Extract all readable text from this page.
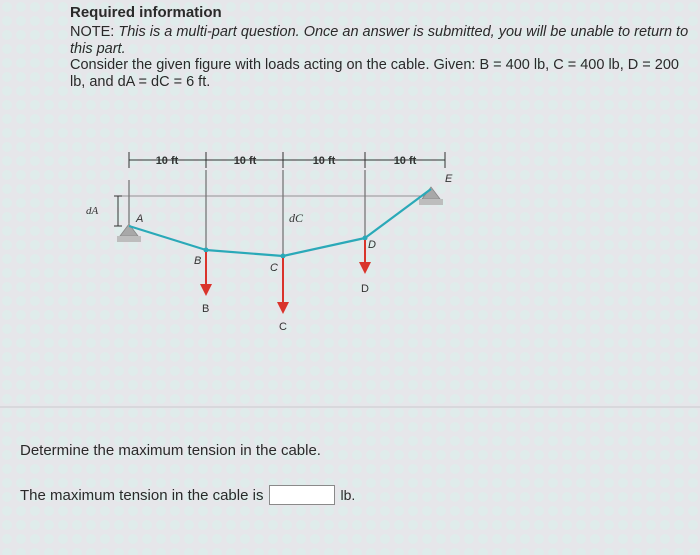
Required information

NOTE: This is a multi-part question. Once an answer is submitted, you will be unable to return to this part.

Consider the given figure with loads acting on the cable. Given: B = 400 lb, C = 400 lb, D = 200 lb, and dA = dC = 6 ft.

10 ft	10 ft	10 ft	10 ft
dA	dC
A
B
C
D
E
B
C
D
Determine the maximum tension in the cable.
The maximum tension in the cable is	lb.
